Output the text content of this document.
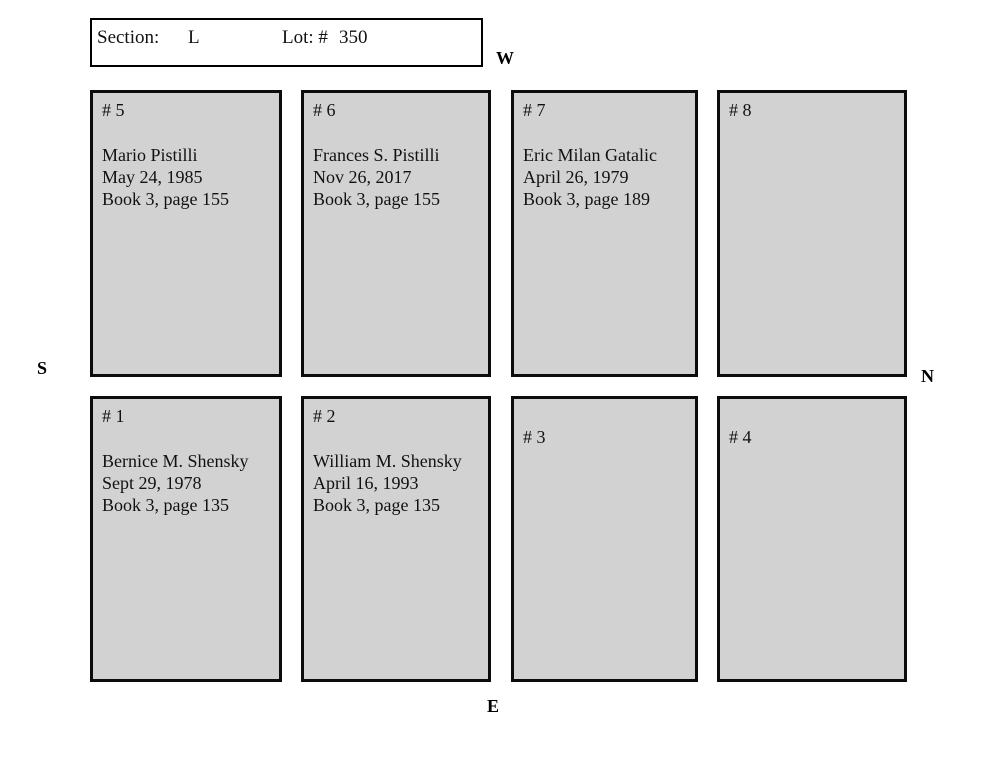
Section: L	Lot: # 350
W
S	N
E
# 5
Mario Pistilli
May 24, 1985
Book 3, page 155
# 6
Frances S. Pistilli
Nov 26, 2017
Book 3, page 155
# 7
Eric Milan Gatalic
April 26, 1979
Book 3, page 189
# 8
# 1
Bernice M. Shensky
Sept 29, 1978
Book 3, page 135
# 2
William M. Shensky
April 16, 1993
Book 3, page 135
# 3	# 4
